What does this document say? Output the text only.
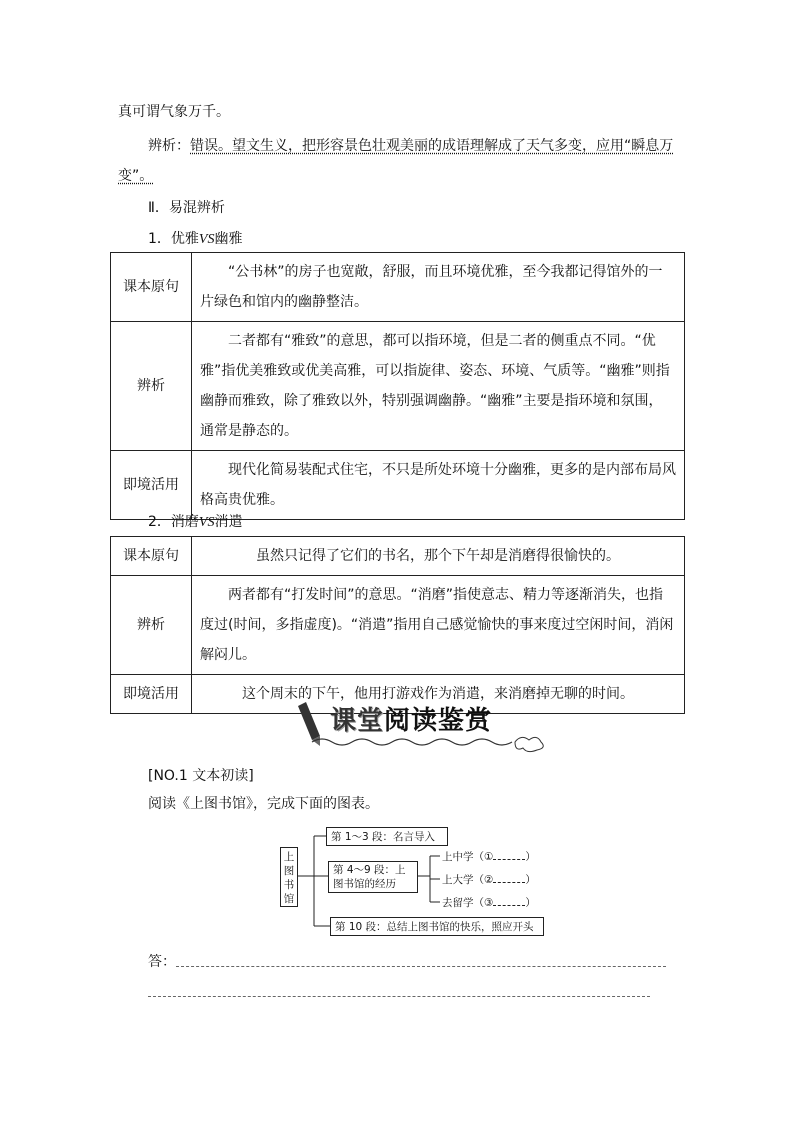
真可谓气象万千。
辨析：错误。望文生义，把形容景色壮观美丽的成语理解成了天气多变，应用“瞬息万
变”。
Ⅱ．易混辨析
1．优雅VS幽雅
课本原句	“公书林”的房子也宽敞，舒服，而且环境优雅，至今我都记得馆外的一片绿色和馆内的幽静整洁。
辨析	二者都有“雅致”的意思，都可以指环境，但是二者的侧重点不同。“优雅”指优美雅致或优美高雅，可以指旋律、姿态、环境、气质等。“幽雅”则指幽静而雅致，除了雅致以外，特别强调幽静。“幽雅”主要是指环境和氛围，通常是静态的。
即境活用	现代化简易装配式住宅，不只是所处环境十分幽雅，更多的是内部布局风格高贵优雅。
2．消磨VS消遣
课本原句	虽然只记得了它们的书名，那个下午却是消磨得很愉快的。
辨析	两者都有“打发时间”的意思。“消磨”指使意志、精力等逐渐消失，也指度过(时间，多指虚度)。“消遣”指用自己感觉愉快的事来度过空闲时间，消闲解闷儿。
即境活用	这个周末的下午，他用打游戏作为消遣，来消磨掉无聊的时间。
课堂阅读鉴赏
[NO.1 文本初读]
阅读《上图书馆》，完成下面的图表。
上图书馆
第 1～3 段：名言导入
第 4～9 段：上图书馆的经历
上中学（①	）
上大学（②	）
去留学（③	）
第 10 段：总结上图书馆的快乐，照应开头
答：
